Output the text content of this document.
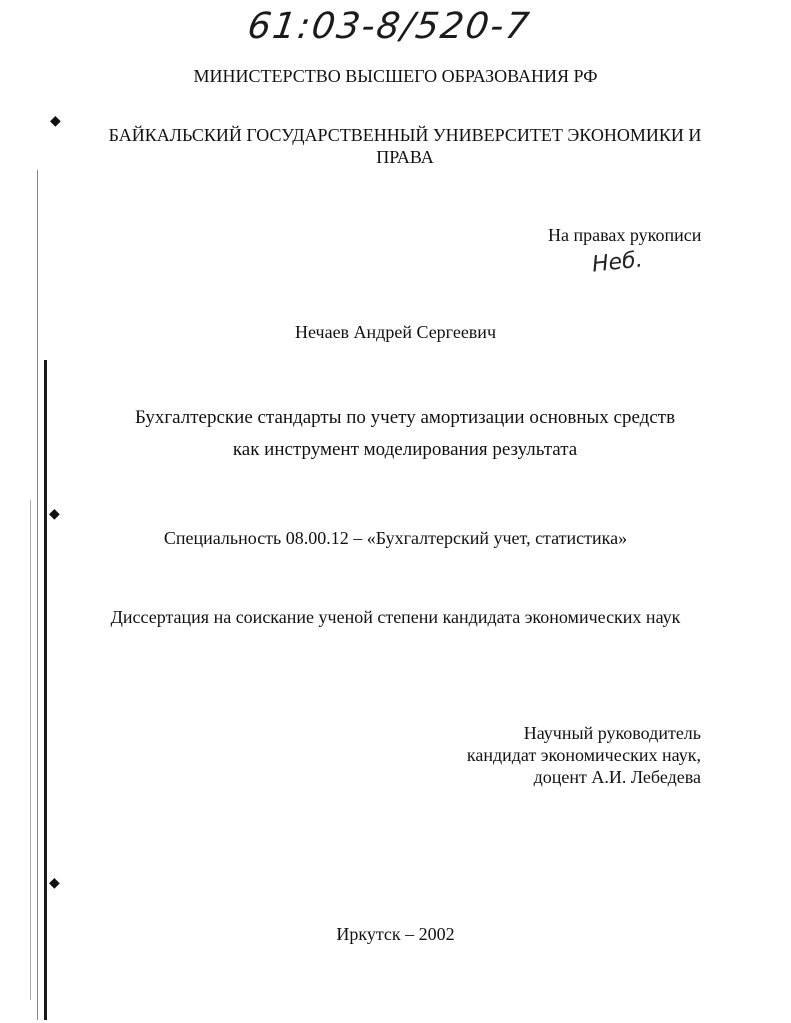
◆
◆
◆
61:03-8/520-7
МИНИСТЕРСТВО ВЫСШЕГО ОБРАЗОВАНИЯ РФ
БАЙКАЛЬСКИЙ ГОСУДАРСТВЕННЫЙ УНИВЕРСИТЕТ ЭКОНОМИКИ И ПРАВА
На правах рукописи
Неб.
Нечаев Андрей Сергеевич
Бухгалтерские стандарты по учету амортизации основных средств
как инструмент моделирования результата
Специальность 08.00.12 – «Бухгалтерский учет, статистика»
Диссертация на соискание ученой степени кандидата экономических наук
Научный руководитель
кандидат экономических наук,
доцент А.И. Лебедева
Иркутск – 2002
